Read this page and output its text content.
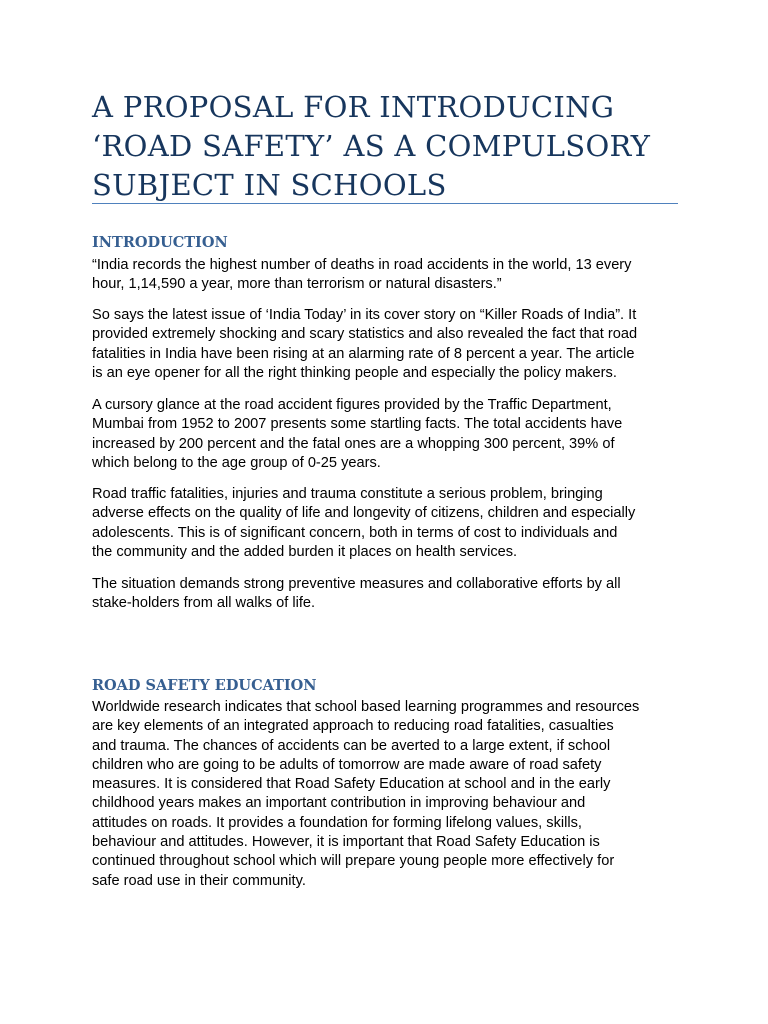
A PROPOSAL FOR INTRODUCING
‘ROAD SAFETY’ AS A COMPULSORY
SUBJECT IN SCHOOLS
INTRODUCTION

“India records the highest number of deaths in road accidents in the world, 13 every
hour, 1,14,590 a year, more than terrorism or natural disasters.”

So says the latest issue of ‘India Today’ in its cover story on “Killer Roads of India”. It
provided extremely shocking and scary statistics and also revealed the fact that road
fatalities in India have been rising at an alarming rate of 8 percent a year. The article
is an eye opener for all the right thinking people and especially the policy makers.

A cursory glance at the road accident figures provided by the Traffic Department,
Mumbai from 1952 to 2007 presents some startling facts. The total accidents have
increased by 200 percent and the fatal ones are a whopping 300 percent, 39% of
which belong to the age group of 0-25 years.

Road traffic fatalities, injuries and trauma constitute a serious problem, bringing
adverse effects on the quality of life and longevity of citizens, children and especially
adolescents. This is of significant concern, both in terms of cost to individuals and
the community and the added burden it places on health services.

The situation demands strong preventive measures and collaborative efforts by all
stake-holders from all walks of life.

ROAD SAFETY EDUCATION

Worldwide research indicates that school based learning programmes and resources
are key elements of an integrated approach to reducing road fatalities, casualties
and trauma. The chances of accidents can be averted to a large extent, if school
children who are going to be adults of tomorrow are made aware of road safety
measures. It is considered that Road Safety Education at school and in the early
childhood years makes an important contribution in improving behaviour and
attitudes on roads. It provides a foundation for forming lifelong values, skills,
behaviour and attitudes. However, it is important that Road Safety Education is
continued throughout school which will prepare young people more effectively for
safe road use in their community.
